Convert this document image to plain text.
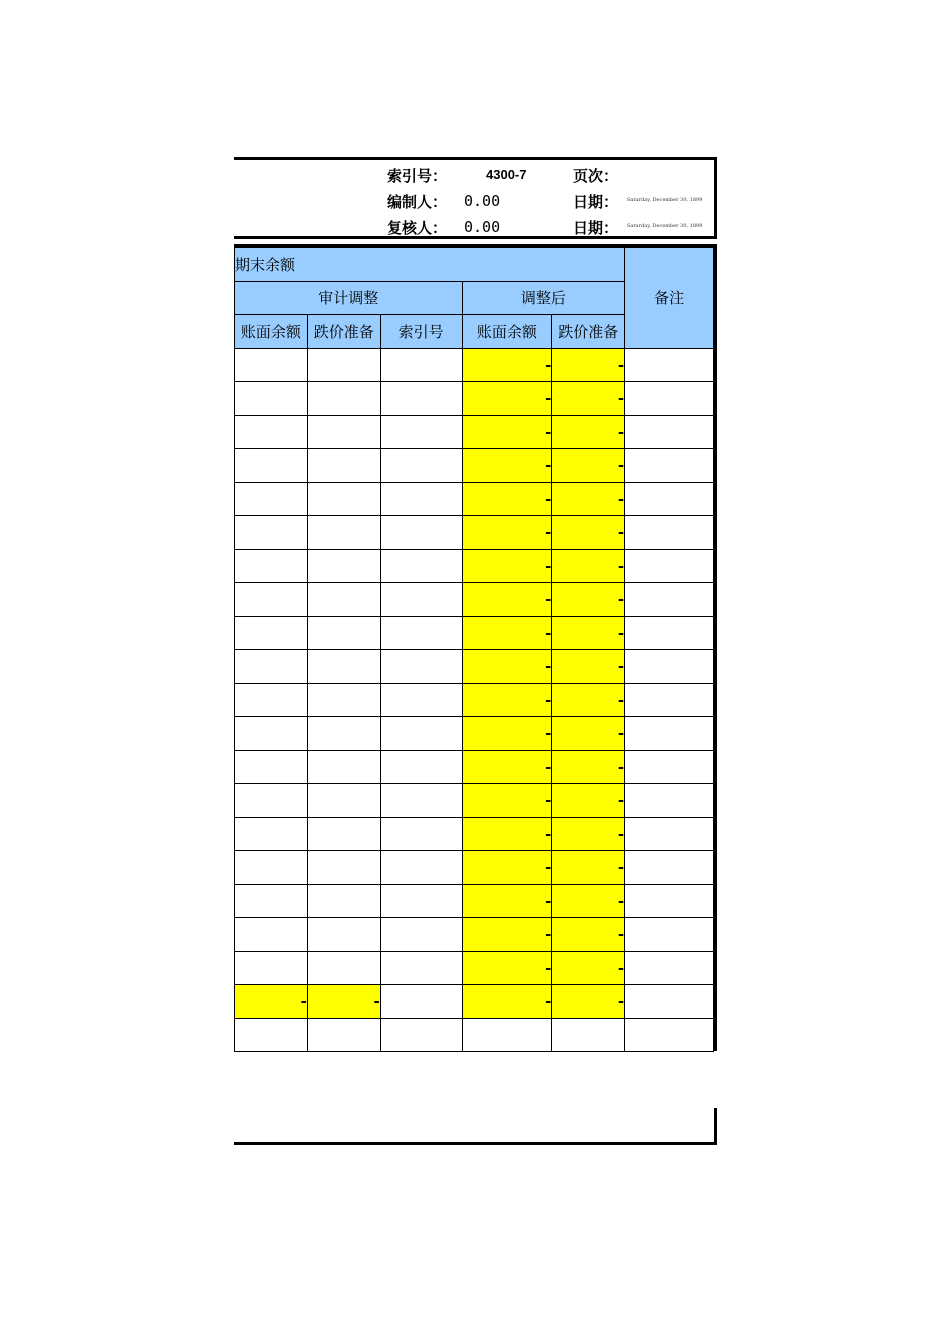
索引号：	4300-7	页次：
编制人： 0.00	日期： Saturday, December 30, 1899
复核人： 0.00	日期： Saturday, December 30, 1899
期末余额					备注
审计调整			调整后		
账面余额	跌价准备	索引号	账面余额	跌价准备	
			-	-	
			-	-	
			-	-	
			-	-	
			-	-	
			-	-	
			-	-	
			-	-	
			-	-	
			-	-	
			-	-	
			-	-	
			-	-	
			-	-	
			-	-	
			-	-	
			-	-	
			-	-	
			-	-	
-	-		-	-	
